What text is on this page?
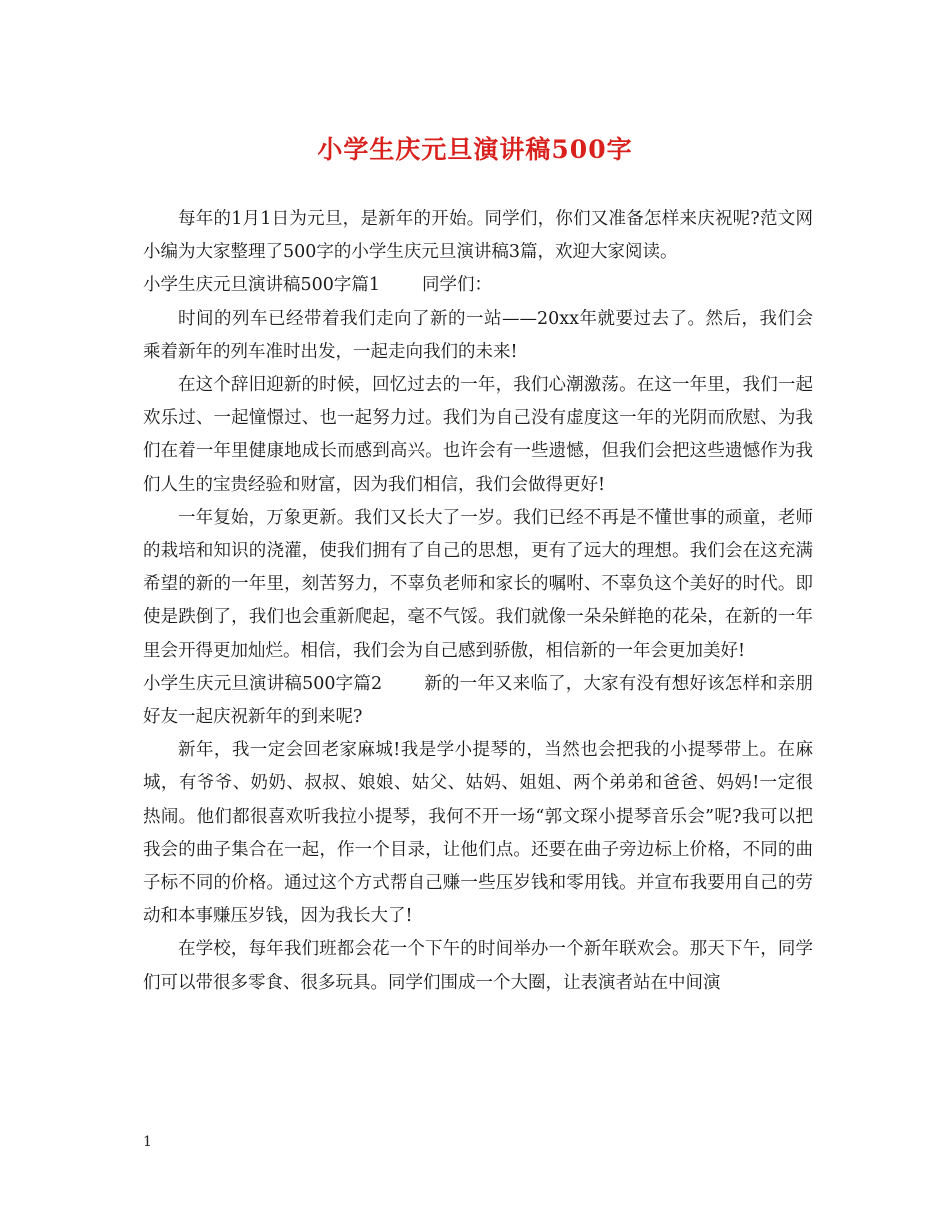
小学生庆元旦演讲稿500字

每年的1月1日为元旦，是新年的开始。同学们，你们又准备怎样来庆祝呢?范文网小编为大家整理了500字的小学生庆元旦演讲稿3篇，欢迎大家阅读。

小学生庆元旦演讲稿500字篇1 同学们：

时间的列车已经带着我们走向了新的一站——20xx年就要过去了。然后，我们会乘着新年的列车准时出发，一起走向我们的未来!

在这个辞旧迎新的时候，回忆过去的一年，我们心潮激荡。在这一年里，我们一起欢乐过、一起憧憬过、也一起努力过。我们为自己没有虚度这一年的光阴而欣慰、为我们在着一年里健康地成长而感到高兴。也许会有一些遗憾，但我们会把这些遗憾作为我们人生的宝贵经验和财富，因为我们相信，我们会做得更好!

一年复始，万象更新。我们又长大了一岁。我们已经不再是不懂世事的顽童，老师的栽培和知识的浇灌，使我们拥有了自己的思想，更有了远大的理想。我们会在这充满希望的新的一年里，刻苦努力，不辜负老师和家长的嘱咐、不辜负这个美好的时代。即使是跌倒了，我们也会重新爬起，毫不气馁。我们就像一朵朵鲜艳的花朵，在新的一年里会开得更加灿烂。相信，我们会为自己感到骄傲，相信新的一年会更加美好!

小学生庆元旦演讲稿500字篇2 新的一年又来临了，大家有没有想好该怎样和亲朋好友一起庆祝新年的到来呢?

新年，我一定会回老家麻城!我是学小提琴的，当然也会把我的小提琴带上。在麻城，有爷爷、奶奶、叔叔、娘娘、姑父、姑妈、姐姐、两个弟弟和爸爸、妈妈!一定很热闹。他们都很喜欢听我拉小提琴，我何不开一场“郭文琛小提琴音乐会”呢?我可以把我会的曲子集合在一起，作一个目录，让他们点。还要在曲子旁边标上价格，不同的曲子标不同的价格。通过这个方式帮自己赚一些压岁钱和零用钱。并宣布我要用自己的劳动和本事赚压岁钱，因为我长大了!

在学校，每年我们班都会花一个下午的时间举办一个新年联欢会。那天下午，同学们可以带很多零食、很多玩具。同学们围成一个大圈，让表演者站在中间演

1
